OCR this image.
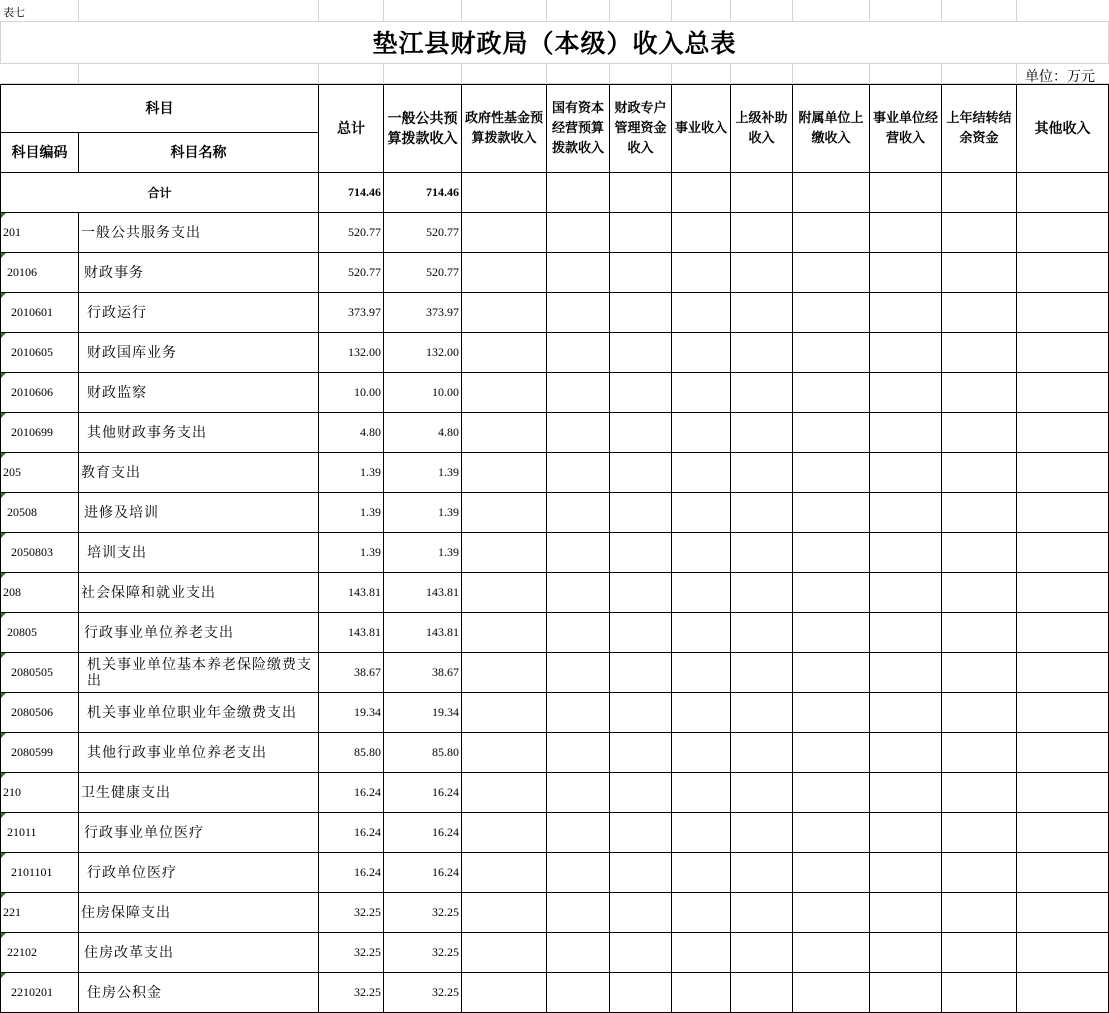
表七
垫江县财政局（本级）收入总表
单位：万元
科目		总计	一般公共预算拨款收入	政府性基金预算拨款收入	国有资本经营预算拨款收入	财政专户管理资金收入	事业收入	上级补助收入	附属单位上缴收入	事业单位经营收入	上年结转结余资金	其他收入
科目编码	科目名称											
合计		714.46	714.46									

201	一般公共服务支出	520.77	520.77									

20106	财政事务	520.77	520.77									

2010601	行政运行	373.97	373.97									

2010605	财政国库业务	132.00	132.00									

2010606	财政监察	10.00	10.00									

2010699	其他财政事务支出	4.80	4.80									

205	教育支出	1.39	1.39									

20508	进修及培训	1.39	1.39									

2050803	培训支出	1.39	1.39									

208	社会保障和就业支出	143.81	143.81									

20805	行政事业单位养老支出	143.81	143.81									

2080505	机关事业单位基本养老保险缴费支出	38.67	38.67									

2080506	机关事业单位职业年金缴费支出	19.34	19.34									

2080599	其他行政事业单位养老支出	85.80	85.80									

210	卫生健康支出	16.24	16.24									

21011	行政事业单位医疗	16.24	16.24									

2101101	行政单位医疗	16.24	16.24									

221	住房保障支出	32.25	32.25									

22102	住房改革支出	32.25	32.25									

2210201	住房公积金	32.25	32.25									
